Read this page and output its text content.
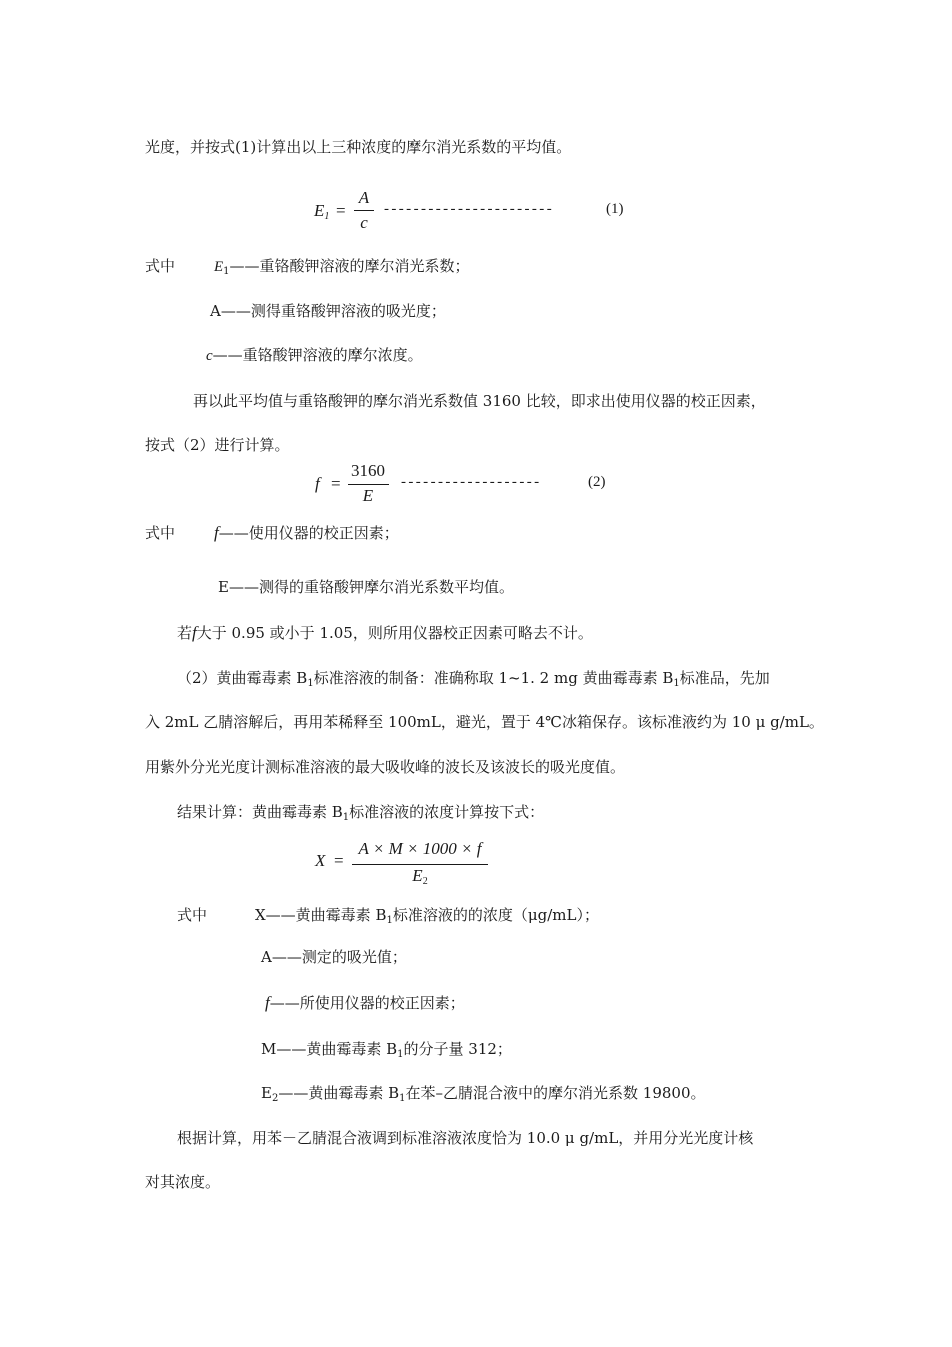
光度，并按式(1)计算出以上三种浓度的摩尔消光系数的平均值。
$E_1$ =
A
c
-----------------------	(1)
式中	$E_1——$重铬酸钾溶液的摩尔消光系数；
A——测得重铬酸钾溶液的吸光度；
c——重铬酸钾溶液的摩尔浓度。
再以此平均值与重铬酸钾的摩尔消光系数值 3160 比较，即求出使用仪器的校正因素，
按式（2）进行计算。
f =
3160
E
-------------------	(2)
式中 f——使用仪器的校正因素；
E——测得的重铬酸钾摩尔消光系数平均值。
若f大于 0.95 或小于 1.05，则所用仪器校正因素可略去不计。
（2）黄曲霉毒素 $B_1$标准溶液的制备：准确称取 1~1. 2 mg 黄曲霉毒素 $B_1$标准品，先加
入 2mL 乙腈溶解后，再用苯稀释至 100mL，避光，置于 4℃冰箱保存。该标准液约为 10 μ g/mL。
用紫外分光光度计测标准溶液的最大吸收峰的波长及该波长的吸光度值。
结果计算：黄曲霉毒素 $B_1$标准溶液的浓度计算按下式：
X =
A × M × 1000 × f
$E_2$
式中	X——黄曲霉毒素 $B_1$标准溶液的的浓度（μg/mL）；
A——测定的吸光值；
f——所使用仪器的校正因素；
M——黄曲霉毒素 $B_1$的分子量 312；
$E_2——$黄曲霉毒素 $B_1$在苯–乙腈混合液中的摩尔消光系数 19800。
根据计算，用苯－乙腈混合液调到标准溶液浓度恰为 10.0 μ g/mL，并用分光光度计核
对其浓度。
